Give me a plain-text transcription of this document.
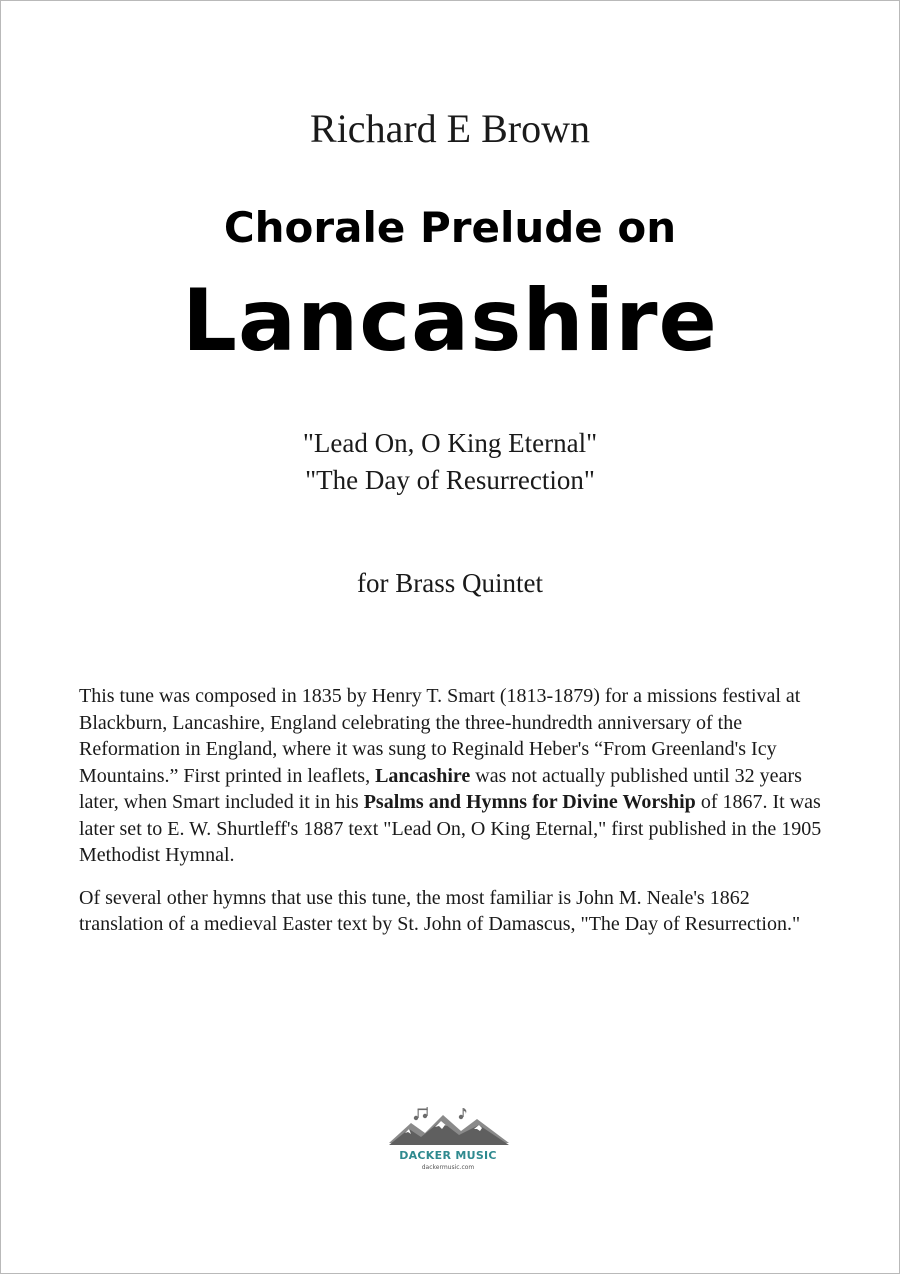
Richard E Brown
Chorale Prelude on
Lancashire
"Lead On, O King Eternal"
"The Day of Resurrection"
for Brass Quintet

This tune was composed in 1835 by Henry T. Smart (1813-1879) for a missions festival at Blackburn, Lancashire, England celebrating the three-hundredth anniversary of the Reformation in England, where it was sung to Reginald Heber's “From Greenland's Icy Mountains.” First printed in leaflets, Lancashire was not actually published until 32 years later, when Smart included it in his Psalms and Hymns for Divine Worship of 1867. It was later set to E. W. Shurtleff's 1887 text "Lead On, O King Eternal," first published in the 1905 Methodist Hymnal.

Of several other hymns that use this tune, the most familiar is John M. Neale's 1862 translation of a medieval Easter text by St. John of Damascus, "The Day of Resurrection."

DACKER MUSIC
dackermusic.com
